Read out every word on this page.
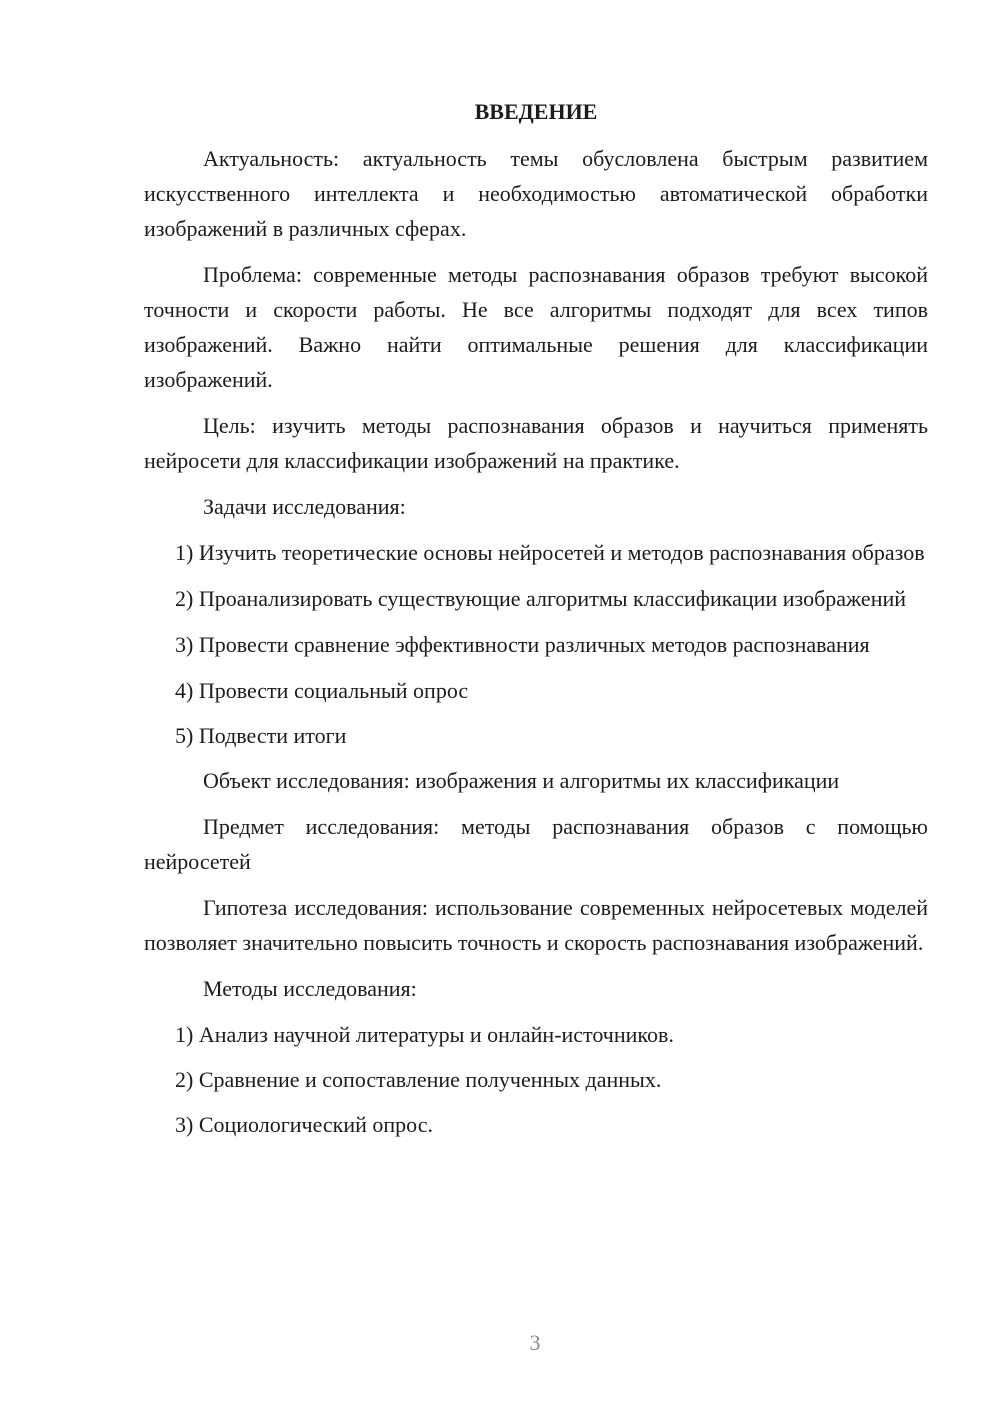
ВВЕДЕНИЕ

Актуальность: актуальность темы обусловлена быстрым развитием искусственного интеллекта и необходимостью автоматической обработки изображений в различных сферах.

Проблема: современные методы распознавания образов требуют высокой точности и скорости работы. Не все алгоритмы подходят для всех типов изображений. Важно найти оптимальные решения для классификации изображений.

Цель: изучить методы распознавания образов и научиться применять нейросети для классификации изображений на практике.

Задачи исследования:

1) Изучить теоретические основы нейросетей и методов распознавания образов

2) Проанализировать существующие алгоритмы классификации изображений

3) Провести сравнение эффективности различных методов распознавания

4) Провести социальный опрос

5) Подвести итоги

Объект исследования: изображения и алгоритмы их классификации

Предмет исследования: методы распознавания образов с помощью нейросетей

Гипотеза исследования: использование современных нейросетевых моделей позволяет значительно повысить точность и скорость распознавания изображений.

Методы исследования:

1) Анализ научной литературы и онлайн-источников.

2) Сравнение и сопоставление полученных данных.

3) Социологический опрос.

3
